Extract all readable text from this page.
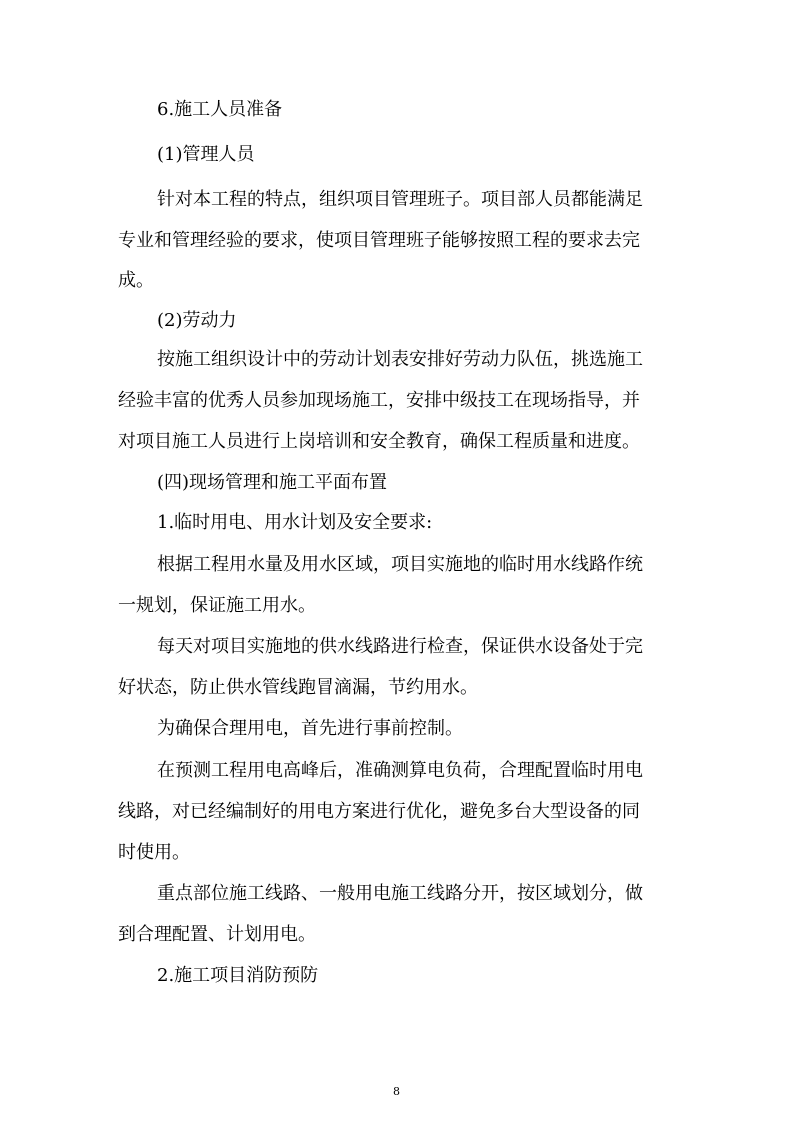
6.施工人员准备

(1)管理人员

针对本工程的特点，组织项目管理班子。项目部人员都能满足

专业和管理经验的要求，使项目管理班子能够按照工程的要求去完

成。

(2)劳动力

按施工组织设计中的劳动计划表安排好劳动力队伍，挑选施工

经验丰富的优秀人员参加现场施工，安排中级技工在现场指导，并

对项目施工人员进行上岗培训和安全教育，确保工程质量和进度。

(四)现场管理和施工平面布置

1.临时用电、用水计划及安全要求:

根据工程用水量及用水区域，项目实施地的临时用水线路作统

一规划，保证施工用水。

每天对项目实施地的供水线路进行检查，保证供水设备处于完

好状态，防止供水管线跑冒滴漏，节约用水。

为确保合理用电，首先进行事前控制。

在预测工程用电高峰后，准确测算电负荷，合理配置临时用电

线路，对已经编制好的用电方案进行优化，避免多台大型设备的同

时使用。

重点部位施工线路、一般用电施工线路分开，按区域划分，做

到合理配置、计划用电。

2.施工项目消防预防

8
